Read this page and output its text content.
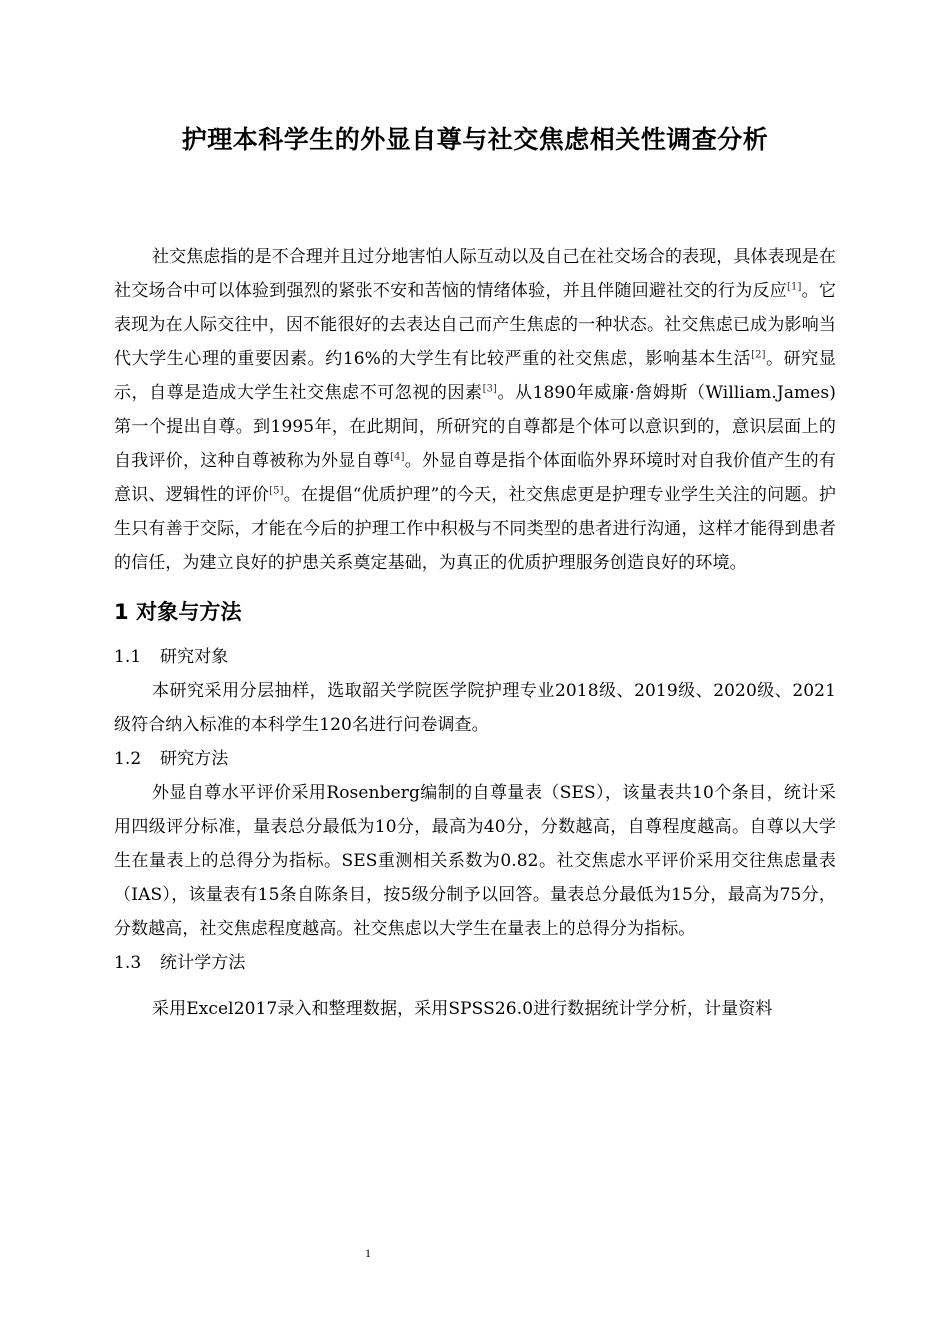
护理本科学生的外显自尊与社交焦虑相关性调查分析

社交焦虑指的是不合理并且过分地害怕人际互动以及自己在社交场合的表现，具体表现是在社交场合中可以体验到强烈的紧张不安和苦恼的情绪体验，并且伴随回避社交的行为反应[1]。它表现为在人际交往中，因不能很好的去表达自己而产生焦虑的一种状态。社交焦虑已成为影响当代大学生心理的重要因素。约16%的大学生有比较严重的社交焦虑，影响基本生活[2]。研究显示，自尊是造成大学生社交焦虑不可忽视的因素[3]。从1890年威廉·詹姆斯（William.James)第一个提出自尊。到1995年，在此期间，所研究的自尊都是个体可以意识到的，意识层面上的自我评价，这种自尊被称为外显自尊[4]。外显自尊是指个体面临外界环境时对自我价值产生的有意识、逻辑性的评价[5]。在提倡“优质护理”的今天，社交焦虑更是护理专业学生关注的问题。护生只有善于交际，才能在今后的护理工作中积极与不同类型的患者进行沟通，这样才能得到患者的信任，为建立良好的护患关系奠定基础，为真正的优质护理服务创造良好的环境。

1 对象与方法
1.1 研究对象

本研究采用分层抽样，选取韶关学院医学院护理专业2018级、2019级、2020级、2021级符合纳入标准的本科学生120名进行问卷调查。

1.2 研究方法

外显自尊水平评价采用Rosenberg编制的自尊量表（SES），该量表共10个条目，统计采用四级评分标准，量表总分最低为10分，最高为40分，分数越高，自尊程度越高。自尊以大学生在量表上的总得分为指标。SES重测相关系数为0.82。社交焦虑水平评价采用交往焦虑量表（IAS），该量表有15条自陈条目，按5级分制予以回答。量表总分最低为15分，最高为75分，分数越高，社交焦虑程度越高。社交焦虑以大学生在量表上的总得分为指标。

1.3 统计学方法

采用Excel2017录入和整理数据，采用SPSS26.0进行数据统计学分析，计量资料

1
